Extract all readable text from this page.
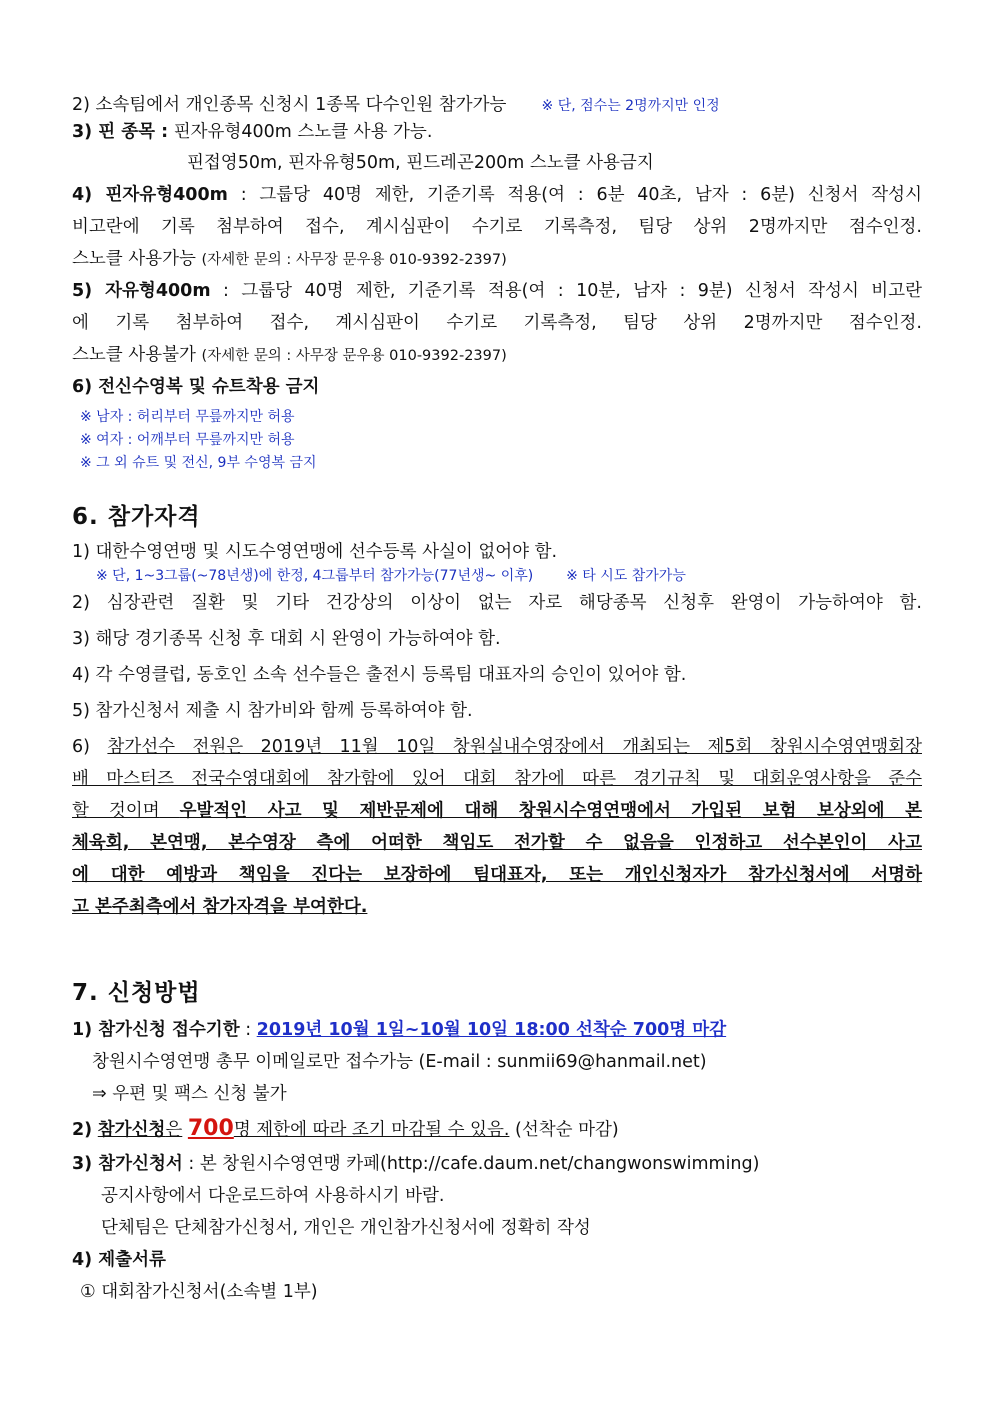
2) 소속팀에서 개인종목 신청시 1종목 다수인원 참가가능	※ 단, 점수는 2명까지만 인정
3) 핀 종목 : 핀자유형400m 스노클 사용 가능.
핀접영50m, 핀자유형50m, 핀드레곤200m 스노클 사용금지
4) 핀자유형400m : 그룹당 40명 제한, 기준기록 적용(여 : 6분 40초, 남자 : 6분) 신청서 작성시
비고란에 기록 첨부하여 접수, 계시심판이 수기로 기록측정, 팀당 상위 2명까지만 점수인정.
스노클 사용가능 (자세한 문의 : 사무장 문우용 010-9392-2397)
5) 자유형400m : 그룹당 40명 제한, 기준기록 적용(여 : 10분, 남자 : 9분) 신청서 작성시 비고란
에 기록 첨부하여 접수, 계시심판이 수기로 기록측정, 팀당 상위 2명까지만 점수인정.
스노클 사용불가 (자세한 문의 : 사무장 문우용 010-9392-2397)
6) 전신수영복 및 슈트착용 금지
※ 남자 : 허리부터 무릎까지만 허용
※ 여자 : 어깨부터 무릎까지만 허용
※ 그 외 슈트 및 전신, 9부 수영복 금지
6. 참가자격
1) 대한수영연맹 및 시도수영연맹에 선수등록 사실이 없어야 함.
※ 단, 1~3그룹(~78년생)에 한정, 4그룹부터 참가가능(77년생~ 이후) ※ 타 시도 참가가능
2) 심장관련 질환 및 기타 건강상의 이상이 없는 자로 해당종목 신청후 완영이 가능하여야 함.
3) 해당 경기종목 신청 후 대회 시 완영이 가능하여야 함.
4) 각 수영클럽, 동호인 소속 선수들은 출전시 등록팀 대표자의 승인이 있어야 함.
5) 참가신청서 제출 시 참가비와 함께 등록하여야 함.
6) 참가선수 전원은 2019년 11월 10일 창원실내수영장에서 개최되는 제5회 창원시수영연맹회장
배 마스터즈 전국수영대회에 참가함에 있어 대회 참가에 따른 경기규칙 및 대회운영사항을 준수
할 것이며 우발적인 사고 및 제반문제에 대해 창원시수영연맹에서 가입된 보험 보상외에 본
체육회, 본연맹, 본수영장 측에 어떠한 책임도 전가할 수 없음을 인정하고 선수본인이 사고
에 대한 예방과 책임을 진다는 보장하에 팀대표자, 또는 개인신청자가 참가신청서에 서명하
고 본주최측에서 참가자격을 부여한다.
7. 신청방법
1) 참가신청 접수기한 : 2019년 10월 1일~10월 10일 18:00 선착순 700명 마감
창원시수영연맹 총무 이메일로만 접수가능 (E-mail : sunmii69@hanmail.net)
⇒ 우편 및 팩스 신청 불가
2) 참가신청은 700명 제한에 따라 조기 마감될 수 있음. (선착순 마감)
3) 참가신청서 : 본 창원시수영연맹 카페(http://cafe.daum.net/changwonswimming)
공지사항에서 다운로드하여 사용하시기 바람.
단체팀은 단체참가신청서, 개인은 개인참가신청서에 정확히 작성
4) 제출서류
① 대회참가신청서(소속별 1부)
